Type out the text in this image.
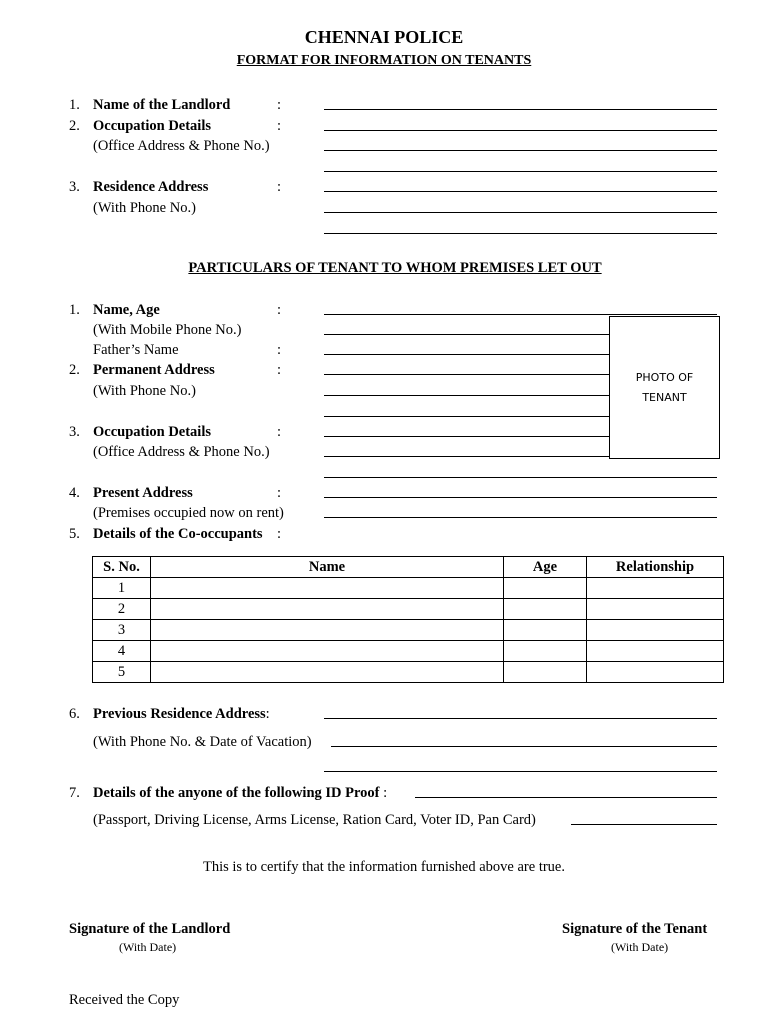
CHENNAI POLICE
FORMAT FOR INFORMATION ON TENANTS
1. Name of the Landlord	:
2. Occupation Details	:
(Office Address & Phone No.)
3. Residence Address	:
(With Phone No.)
PARTICULARS OF TENANT TO WHOM PREMISES LET OUT
1. Name, Age	:
(With Mobile Phone No.)
Father’s Name	:
2. Permanent Address	:
(With Phone No.)
3. Occupation Details	:
(Office Address & Phone No.)
4. Present Address	:
(Premises occupied now on rent)
5. Details of the Co-occupants :
PHOTO OF
TENANT
S. No.	Name	Age	Relationship
1			
2			
3			
4			
5			
6. Previous Residence Address:
(With Phone No. & Date of Vacation)
7. Details of the anyone of the following ID Proof :
(Passport, Driving License, Arms License, Ration Card, Voter ID, Pan Card)
This is to certify that the information furnished above are true.
Signature of the Landlord
(With Date)
Signature of the Tenant
(With Date)
Received the Copy
